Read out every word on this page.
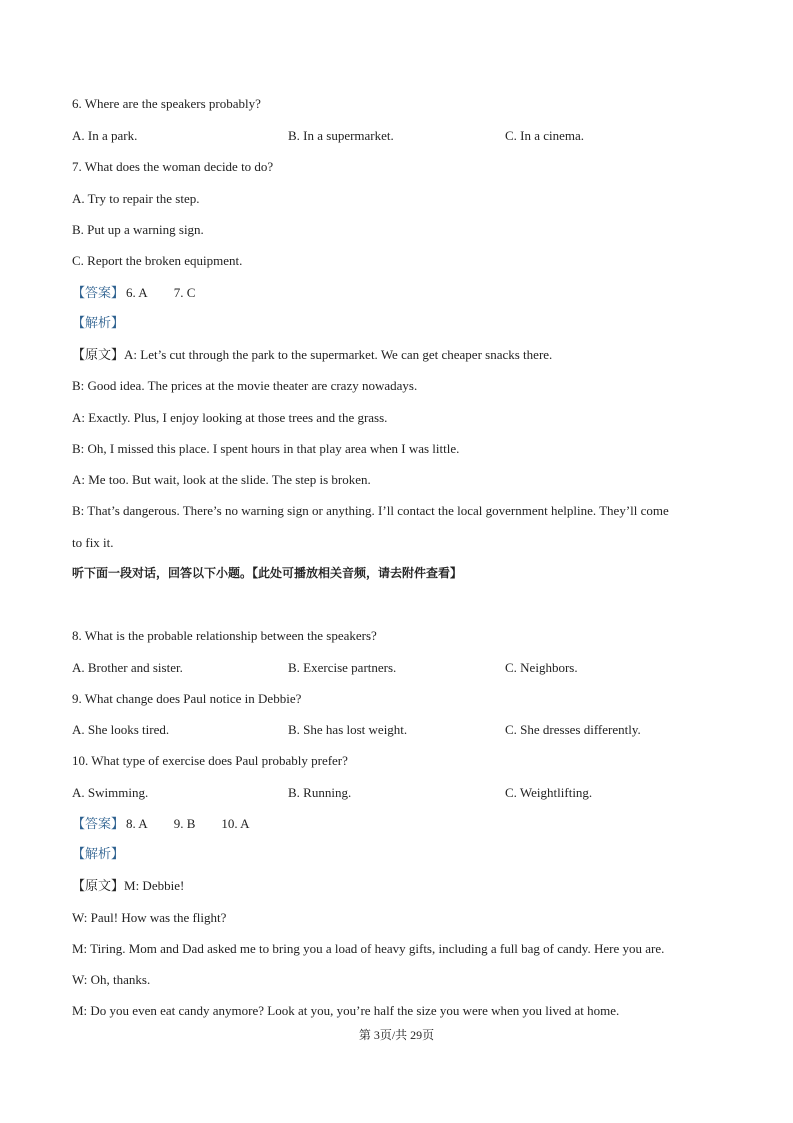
6. Where are the speakers probably?
A. In a park.	B. In a supermarket.	C. In a cinema.
7. What does the woman decide to do?
A. Try to repair the step.
B. Put up a warning sign.
C. Report the broken equipment.
【答案】 6. A 7. C
【解析】
【原文】A: Let’s cut through the park to the supermarket. We can get cheaper snacks there.
B: Good idea. The prices at the movie theater are crazy nowadays.
A: Exactly. Plus, I enjoy looking at those trees and the grass.
B: Oh, I missed this place. I spent hours in that play area when I was little.
A: Me too. But wait, look at the slide. The step is broken.
B: That’s dangerous. There’s no warning sign or anything. I’ll contact the local government helpline. They’ll come
to fix it.
听下面一段对话，回答以下小题。【此处可播放相关音频，请去附件查看】
8. What is the probable relationship between the speakers?
A. Brother and sister.	B. Exercise partners.	C. Neighbors.
9. What change does Paul notice in Debbie?
A. She looks tired.	B. She has lost weight.	C. She dresses differently.
10. What type of exercise does Paul probably prefer?
A. Swimming.	B. Running.	C. Weightlifting.
【答案】 8. A 9. B 10. A
【解析】
【原文】M: Debbie!
W: Paul! How was the flight?
M: Tiring. Mom and Dad asked me to bring you a load of heavy gifts, including a full bag of candy. Here you are.
W: Oh, thanks.
M: Do you even eat candy anymore? Look at you, you’re half the size you were when you lived at home.
第 3页/共 29页
